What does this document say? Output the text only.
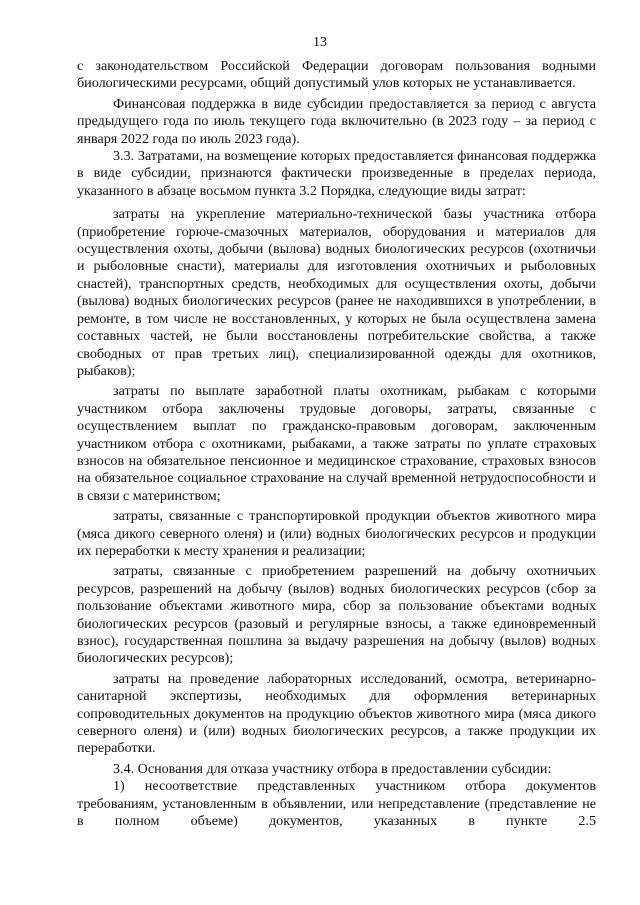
13

с законодательством Российской Федерации договорам пользования водными биологическими ресурсами, общий допустимый улов которых не устанавливается.

Финансовая поддержка в виде субсидии предоставляется за период с августа предыдущего года по июль текущего года включительно (в 2023 году – за период с января 2022 года по июль 2023 года).

3.3. Затратами, на возмещение которых предоставляется финансовая поддержка в виде субсидии, признаются фактически произведенные в пределах периода, указанного в абзаце восьмом пункта 3.2 Порядка, следующие виды затрат:

затраты на укрепление материально-технической базы участника отбора (приобретение горюче-смазочных материалов, оборудования и материалов для осуществления охоты, добычи (вылова) водных биологических ресурсов (охотничьи и рыболовные снасти), материалы для изготовления охотничьих и рыболовных снастей), транспортных средств, необходимых для осуществления охоты, добычи (вылова) водных биологических ресурсов (ранее не находившихся в употреблении, в ремонте, в том числе не восстановленных, у которых не была осуществлена замена составных частей, не были восстановлены потребительские свойства, а также свободных от прав третьих лиц), специализированной одежды для охотников, рыбаков);

затраты по выплате заработной платы охотникам, рыбакам с которыми участником отбора заключены трудовые договоры, затраты, связанные с осуществлением выплат по гражданско-правовым договорам, заключенным участником отбора с охотниками, рыбаками, а также затраты по уплате страховых взносов на обязательное пенсионное и медицинское страхование, страховых взносов на обязательное социальное страхование на случай временной нетрудоспособности и в связи с материнством;

затраты, связанные с транспортировкой продукции объектов животного мира (мяса дикого северного оленя) и (или) водных биологических ресурсов и продукции их переработки к месту хранения и реализации;

затраты, связанные с приобретением разрешений на добычу охотничьих ресурсов, разрешений на добычу (вылов) водных биологических ресурсов (сбор за пользование объектами животного мира, сбор за пользование объектами водных биологических ресурсов (разовый и регулярные взносы, а также единовременный взнос), государственная пошлина за выдачу разрешения на добычу (вылов) водных биологических ресурсов);

затраты на проведение лабораторных исследований, осмотра, ветеринарно-санитарной экспертизы, необходимых для оформления ветеринарных сопроводительных документов на продукцию объектов животного мира (мяса дикого северного оленя) и (или) водных биологических ресурсов, а также продукции их переработки.

3.4. Основания для отказа участнику отбора в предоставлении субсидии:

1) несоответствие представленных участником отбора документов требованиям, установленным в объявлении, или непредставление (представление не в полном объеме) документов, указанных в пункте 2.5
